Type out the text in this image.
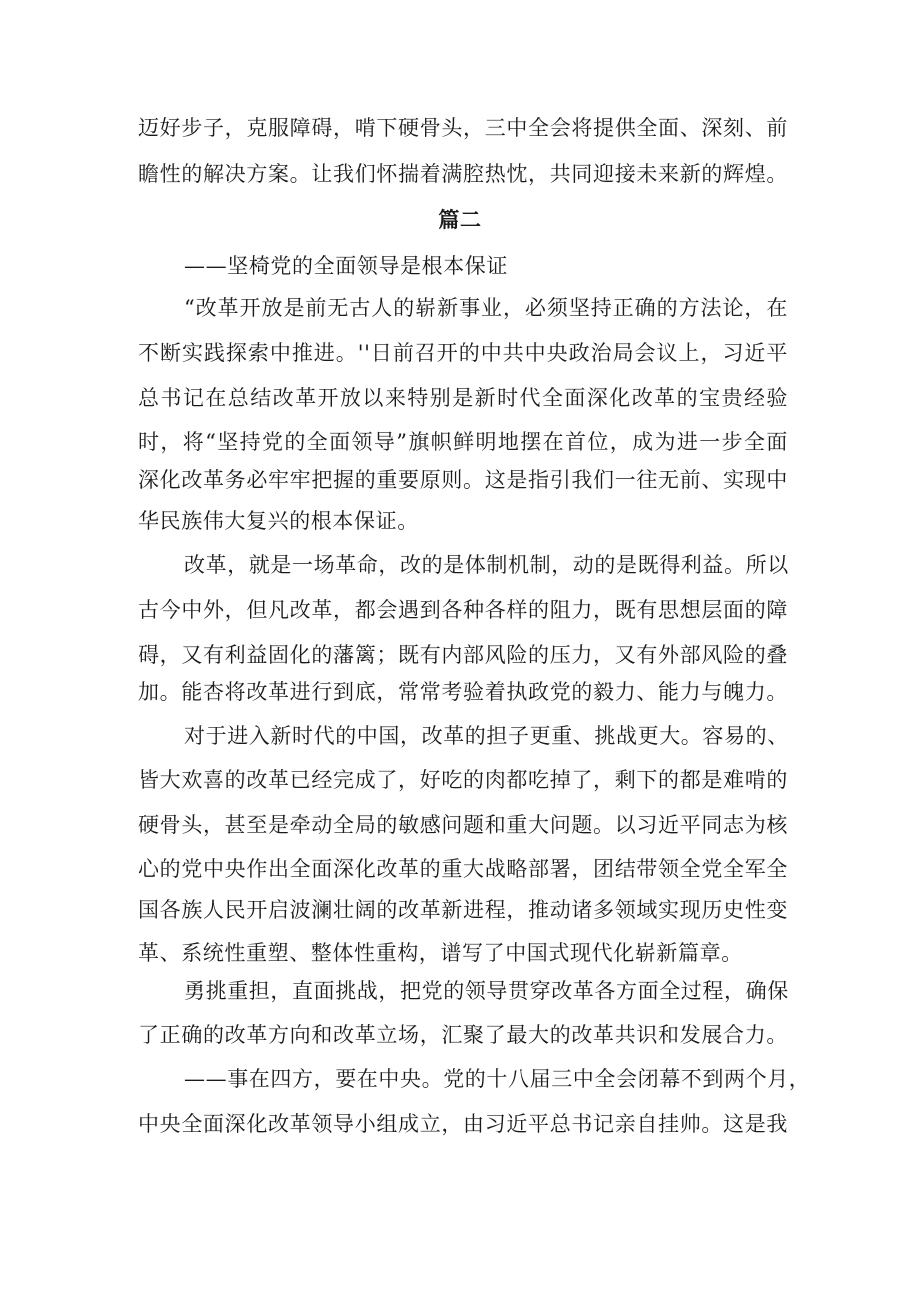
迈好步子，克服障碍，啃下硬骨头，三中全会将提供全面、深刻、前
瞻性的解决方案。让我们怀揣着满腔热忱，共同迎接未来新的辉煌。
篇二
——坚椅党的全面领导是根本保证
“改革开放是前无古人的崭新事业，必须坚持正确的方法论，在
不断实践探索中推进。''日前召开的中共中央政治局会议上，习近平
总书记在总结改革开放以来特别是新时代全面深化改革的宝贵经验
时，将“坚持党的全面领导”旗帜鲜明地摆在首位，成为进一步全面
深化改革务必牢牢把握的重要原则。这是指引我们一往无前、实现中
华民族伟大复兴的根本保证。
改革，就是一场革命，改的是体制机制，动的是既得利益。所以
古今中外，但凡改革，都会遇到各种各样的阻力，既有思想层面的障
碍，又有利益固化的藩篱；既有内部风险的压力，又有外部风险的叠
加。能杏将改革进行到底，常常考验着执政党的毅力、能力与魄力。
对于进入新时代的中国，改革的担子更重、挑战更大。容易的、
皆大欢喜的改革已经完成了，好吃的肉都吃掉了，剩下的都是难啃的
硬骨头，甚至是牵动全局的敏感问题和重大问题。以习近平同志为核
心的党中央作出全面深化改革的重大战略部署，团结带领全党全军全
国各族人民开启波澜壮阔的改革新进程，推动诸多领域实现历史性变
革、系统性重塑、整体性重构，谱写了中国式现代化崭新篇章。
勇挑重担，直面挑战，把党的领导贯穿改革各方面全过程，确保
了正确的改革方向和改革立场，汇聚了最大的改革共识和发展合力。
——事在四方，要在中央。党的十八届三中全会闭幕不到两个月，
中央全面深化改革领导小组成立，由习近平总书记亲自挂帅。这是我
